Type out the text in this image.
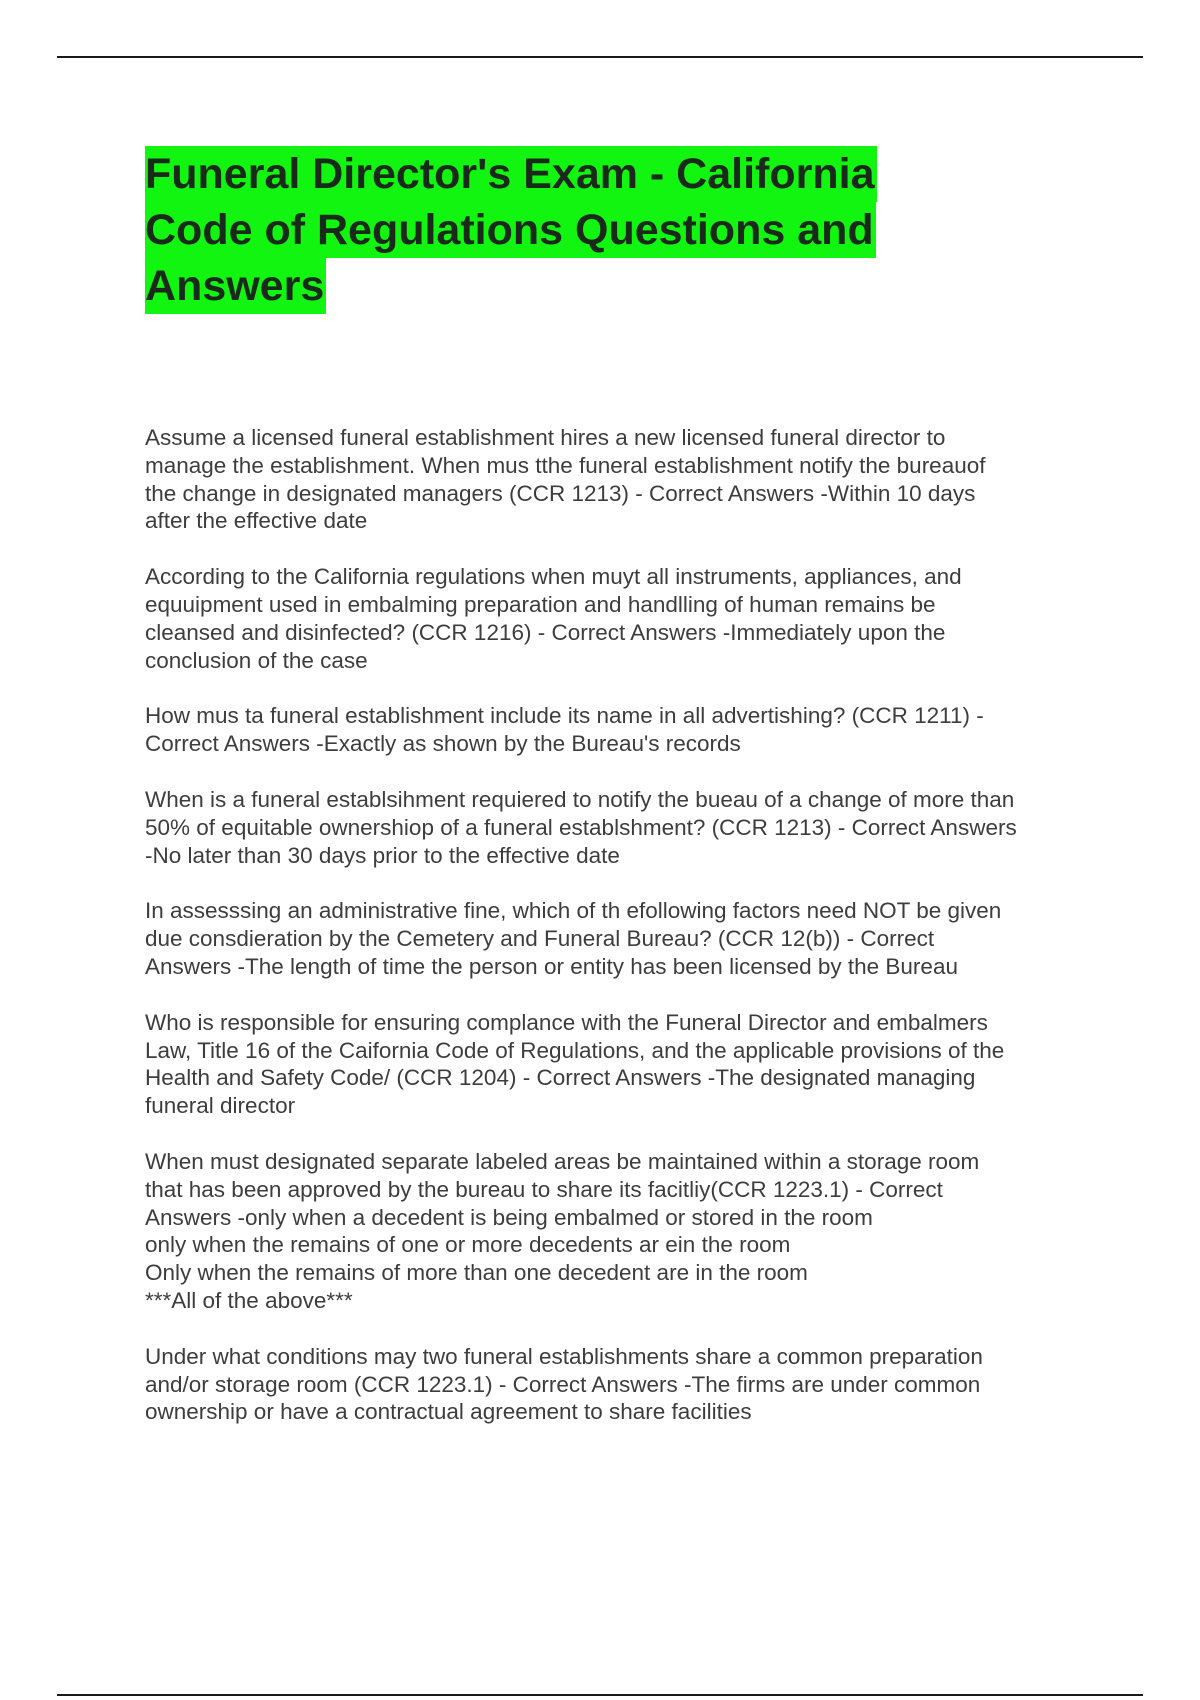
Funeral Director's Exam - California
Code of Regulations Questions and
Answers
Assume a licensed funeral establishment hires a new licensed funeral director to
manage the establishment. When mus tthe funeral establishment notify the bureauof
the change in designated managers (CCR 1213) - Correct Answers -Within 10 days
after the effective date
According to the California regulations when muyt all instruments, appliances, and
equuipment used in embalming preparation and handlling of human remains be
cleansed and disinfected? (CCR 1216) - Correct Answers -Immediately upon the
conclusion of the case
How mus ta funeral establishment include its name in all advertishing? (CCR 1211) -
Correct Answers -Exactly as shown by the Bureau's records
When is a funeral establsihment requiered to notify the bueau of a change of more than
50% of equitable ownershiop of a funeral establshment? (CCR 1213) - Correct Answers
-No later than 30 days prior to the effective date
In assesssing an administrative fine, which of th efollowing factors need NOT be given
due consdieration by the Cemetery and Funeral Bureau? (CCR 12(b)) - Correct
Answers -The length of time the person or entity has been licensed by the Bureau
Who is responsible for ensuring complance with the Funeral Director and embalmers
Law, Title 16 of the Caifornia Code of Regulations, and the applicable provisions of the
Health and Safety Code/ (CCR 1204) - Correct Answers -The designated managing
funeral director
When must designated separate labeled areas be maintained within a storage room
that has been approved by the bureau to share its facitliy(CCR 1223.1) - Correct
Answers -only when a decedent is being embalmed or stored in the room
only when the remains of one or more decedents ar ein the room
Only when the remains of more than one decedent are in the room
***All of the above***
Under what conditions may two funeral establishments share a common preparation
and/or storage room (CCR 1223.1) - Correct Answers -The firms are under common
ownership or have a contractual agreement to share facilities
